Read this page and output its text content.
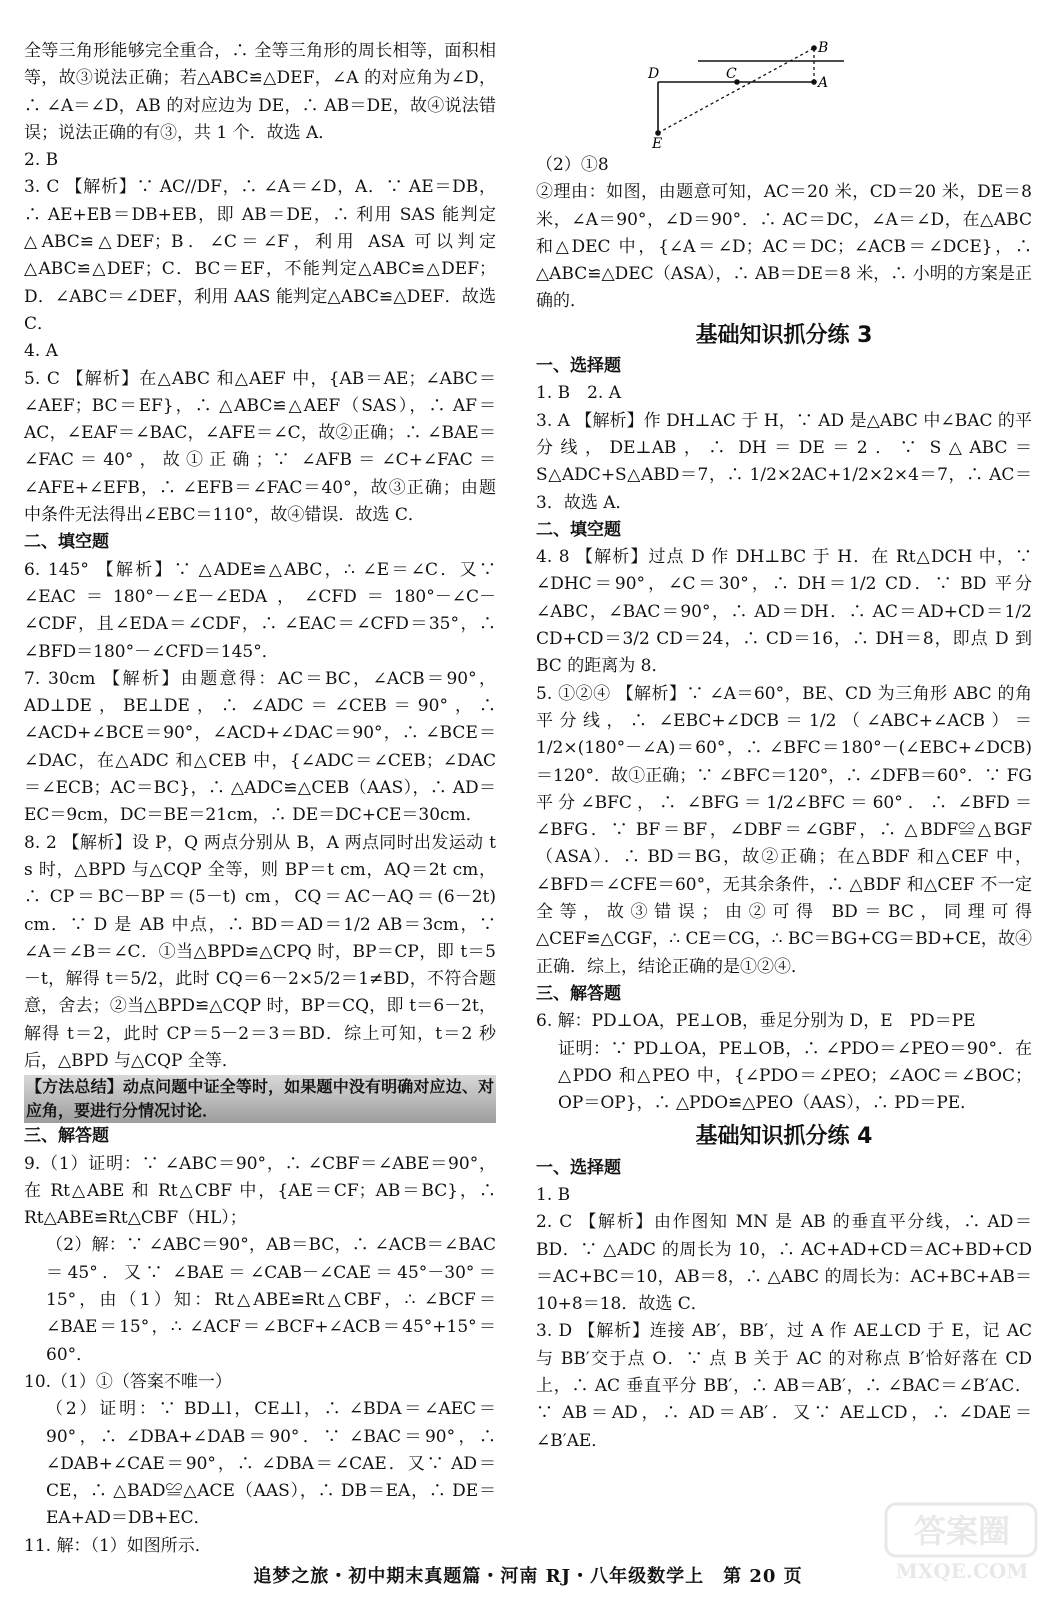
全等三角形能够完全重合，∴ 全等三角形的周长相等，面积相等，故③说法正确；若△ABC≌△DEF，∠A 的对应角为∠D，∴ ∠A＝∠D，AB 的对应边为 DE，∴ AB＝DE，故④说法错误；说法正确的有③，共 1 个．故选 A．

2. B

3. C 【解析】∵ AC//DF，∴ ∠A＝∠D，A．∵ AE＝DB，∴ AE+EB＝DB+EB，即 AB＝DE，∴ 利用 SAS 能判定△ABC≌△DEF；B．∠C＝∠F，利用 ASA 可以判定△ABC≌△DEF；C．BC＝EF，不能判定△ABC≌△DEF；D．∠ABC＝∠DEF，利用 AAS 能判定△ABC≌△DEF．故选 C．

4. A

5. C 【解析】在△ABC 和△AEF 中，{AB＝AE；∠ABC＝∠AEF；BC＝EF}，∴ △ABC≌△AEF（SAS），∴ AF＝AC，∠EAF＝∠BAC，∠AFE＝∠C，故②正确；∴ ∠BAE＝∠FAC＝40°，故①正确；∵ ∠AFB＝∠C+∠FAC＝∠AFE+∠EFB，∴ ∠EFB＝∠FAC＝40°，故③正确；由题中条件无法得出∠EBC＝110°，故④错误．故选 C．

二、填空题

6. 145° 【解析】∵ △ADE≌△ABC，∴ ∠E＝∠C．又∵ ∠EAC＝180°－∠E－∠EDA，∠CFD＝180°－∠C－∠CDF，且∠EDA＝∠CDF，∴ ∠EAC＝∠CFD＝35°，∴ ∠BFD＝180°－∠CFD＝145°．

7. 30cm 【解析】由题意得：AC＝BC，∠ACB＝90°，AD⊥DE，BE⊥DE，∴ ∠ADC＝∠CEB＝90°，∴ ∠ACD+∠BCE＝90°，∠ACD+∠DAC＝90°，∴ ∠BCE＝∠DAC，在△ADC 和△CEB 中，{∠ADC＝∠CEB；∠DAC＝∠ECB；AC＝BC}，∴ △ADC≌△CEB（AAS），∴ AD＝EC＝9cm，DC＝BE＝21cm，∴ DE＝DC+CE＝30cm．

8. 2 【解析】设 P，Q 两点分别从 B，A 两点同时出发运动 t s 时，△BPD 与△CQP 全等，则 BP＝t cm，AQ＝2t cm，∴ CP＝BC－BP＝(5－t) cm，CQ＝AC－AQ＝(6－2t) cm．∵ D 是 AB 中点，∴ BD＝AD＝1/2 AB＝3cm，∵ ∠A＝∠B＝∠C．①当△BPD≌△CPQ 时，BP＝CP，即 t＝5－t，解得 t＝5/2，此时 CQ＝6－2×5/2＝1≠BD，不符合题意，舍去；②当△BPD≌△CQP 时，BP＝CQ，即 t＝6－2t，解得 t＝2，此时 CP＝5－2＝3＝BD．综上可知，t＝2 秒后，△BPD 与△CQP 全等．

【方法总结】动点问题中证全等时，如果题中没有明确对应边、对应角，要进行分情况讨论．

三、解答题

9.（1）证明：∵ ∠ABC＝90°，∴ ∠CBF＝∠ABE＝90°，在 Rt△ABE 和 Rt△CBF 中，{AE＝CF；AB＝BC}，∴ Rt△ABE≌Rt△CBF（HL）；

（2）解：∵ ∠ABC＝90°，AB＝BC，∴ ∠ACB＝∠BAC＝45°．又∵ ∠BAE＝∠CAB－∠CAE＝45°－30°＝15°，由（1）知：Rt△ABE≌Rt△CBF，∴ ∠BCF＝∠BAE＝15°，∴ ∠ACF＝∠BCF+∠ACB＝45°+15°＝60°．

10.（1）①（答案不唯一）

（2）证明：∵ BD⊥l，CE⊥l，∴ ∠BDA＝∠AEC＝90°，∴ ∠DBA+∠DAB＝90°．∵ ∠BAC＝90°，∴ ∠DAB+∠CAE＝90°，∴ ∠DBA＝∠CAE．又∵ AD＝CE，∴ △BAD≌△ACE（AAS），∴ DB＝EA，∴ DE＝EA+AD＝DB+EC．

11. 解：（1）如图所示．

B
A
C
D
E

（2）①8

②理由：如图，由题意可知，AC＝20 米，CD＝20 米，DE＝8 米，∠A＝90°，∠D＝90°．∴ AC＝DC，∠A＝∠D，在△ABC 和△DEC 中，{∠A＝∠D；AC＝DC；∠ACB＝∠DCE}，∴ △ABC≌△DEC（ASA），∴ AB＝DE＝8 米，∴ 小明的方案是正确的．

基础知识抓分练 3
一、选择题

1. B　2. A

3. A 【解析】作 DH⊥AC 于 H，∵ AD 是△ABC 中∠BAC 的平分线，DE⊥AB，∴ DH＝DE＝2．∵ S△ABC＝S△ADC+S△ABD＝7，∴ 1/2×2AC+1/2×2×4＝7，∴ AC＝3．故选 A．

二、填空题

4. 8 【解析】过点 D 作 DH⊥BC 于 H．在 Rt△DCH 中，∵ ∠DHC＝90°，∠C＝30°，∴ DH＝1/2 CD．∵ BD 平分∠ABC，∠BAC＝90°，∴ AD＝DH．∴ AC＝AD+CD＝1/2 CD+CD＝3/2 CD＝24，∴ CD＝16，∴ DH＝8，即点 D 到 BC 的距离为 8．

5. ①②④ 【解析】∵ ∠A＝60°，BE、CD 为三角形 ABC 的角平分线，∴ ∠EBC+∠DCB＝1/2（∠ABC+∠ACB）＝1/2×(180°－∠A)＝60°，∴ ∠BFC＝180°－(∠EBC+∠DCB)＝120°．故①正确；∵ ∠BFC＝120°，∴ ∠DFB＝60°．∵ FG 平分∠BFC，∴ ∠BFG＝1/2∠BFC＝60°．∴ ∠BFD＝∠BFG．∵ BF＝BF，∠DBF＝∠GBF，∴ △BDF≌△BGF（ASA）．∴ BD＝BG，故②正确；在△BDF 和△CEF 中，∠BFD＝∠CFE＝60°，无其余条件，∴ △BDF 和△CEF 不一定全等，故③错误；由②可得 BD＝BC，同理可得△CEF≌△CGF，∴ CE＝CG，∴ BC＝BG+CG＝BD+CE，故④正确．综上，结论正确的是①②④．

三、解答题

6. 解：PD⊥OA，PE⊥OB，垂足分别为 D，E　PD＝PE

证明：∵ PD⊥OA，PE⊥OB，∴ ∠PDO＝∠PEO＝90°．在△PDO 和△PEO 中，{∠PDO＝∠PEO；∠AOC＝∠BOC；OP＝OP}，∴ △PDO≌△PEO（AAS），∴ PD＝PE．

基础知识抓分练 4
一、选择题

1. B

2. C 【解析】由作图知 MN 是 AB 的垂直平分线，∴ AD＝BD．∵ △ADC 的周长为 10，∴ AC+AD+CD＝AC+BD+CD＝AC+BC＝10，AB＝8，∴ △ABC 的周长为：AC+BC+AB＝10+8＝18．故选 C．

3. D 【解析】连接 AB′，BB′，过 A 作 AE⊥CD 于 E，记 AC 与 BB′交于点 O．∵ 点 B 关于 AC 的对称点 B′恰好落在 CD 上，∴ AC 垂直平分 BB′，∴ AB＝AB′，∴ ∠BAC＝∠B′AC．∵ AB＝AD，∴ AD＝AB′．又∵ AE⊥CD，∴ ∠DAE＝∠B′AE．

追梦之旅・初中期末真题篇・河南 RJ・八年级数学上　第 20 页
答案圈
MXQE.COM
